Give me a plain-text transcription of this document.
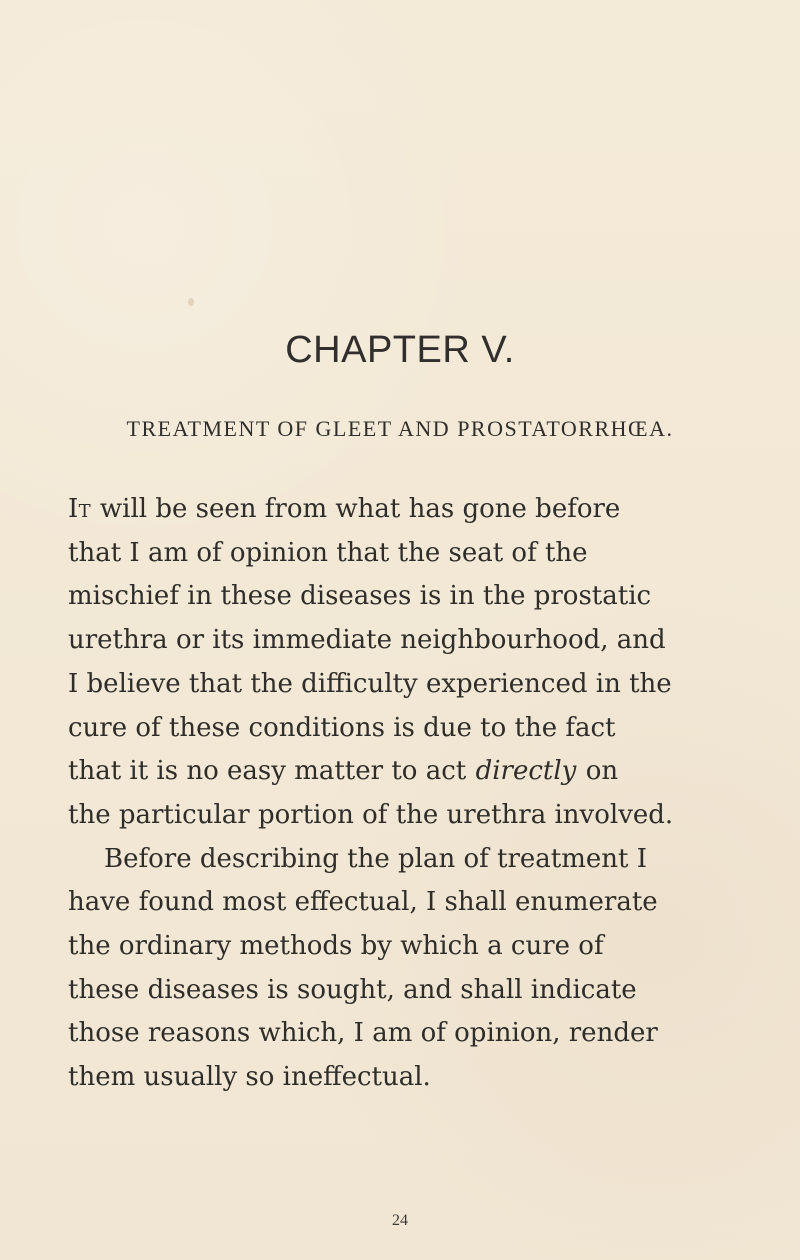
CHAPTER V.
TREATMENT OF GLEET AND PROSTATORRHŒA.
It will be seen from what has gone before
that I am of opinion that the seat of the
mischief in these diseases is in the prostatic
urethra or its immediate neighbourhood, and
I believe that the difficulty experienced in the
cure of these conditions is due to the fact
that it is no easy matter to act directly on
the particular portion of the urethra involved.
Before describing the plan of treatment I
have found most effectual, I shall enumerate
the ordinary methods by which a cure of
these diseases is sought, and shall indicate
those reasons which, I am of opinion, render
them usually so ineffectual.
24
